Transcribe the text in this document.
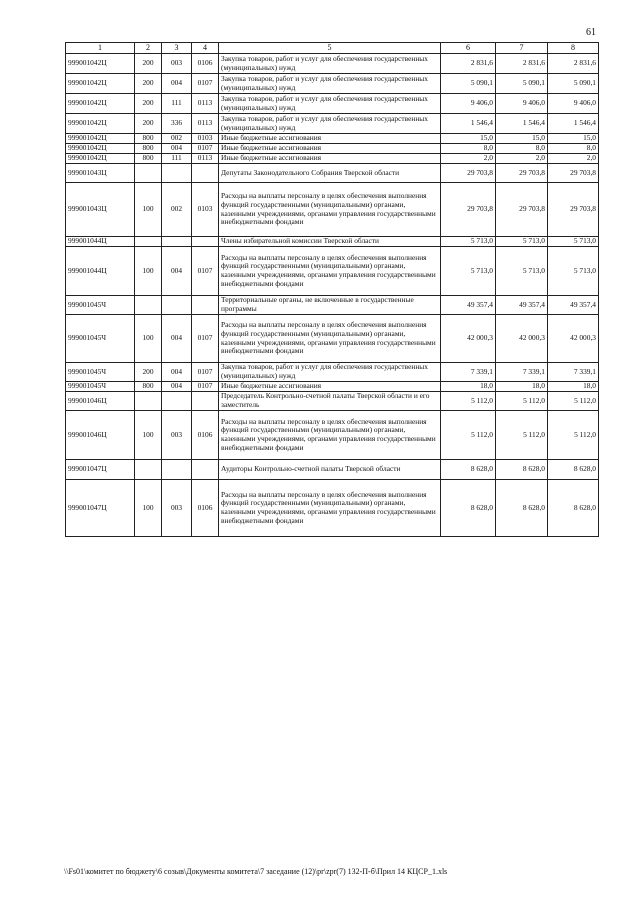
61
1	2	3	4	5	6	7	8
999001042Ц	200	003	0106	Закупка товаров, работ и услуг для обеспечения государственных (муниципальных) нужд	2 831,6	2 831,6	2 831,6
999001042Ц	200	004	0107	Закупка товаров, работ и услуг для обеспечения государственных (муниципальных) нужд	5 090,1	5 090,1	5 090,1
999001042Ц	200	111	0113	Закупка товаров, работ и услуг для обеспечения государственных (муниципальных) нужд	9 406,0	9 406,0	9 406,0
999001042Ц	200	336	0113	Закупка товаров, работ и услуг для обеспечения государственных (муниципальных) нужд	1 546,4	1 546,4	1 546,4
999001042Ц	800	002	0103	Иные бюджетные ассигнования	15,0	15,0	15,0
999001042Ц	800	004	0107	Иные бюджетные ассигнования	8,0	8,0	8,0
999001042Ц	800	111	0113	Иные бюджетные ассигнования	2,0	2,0	2,0
999001043Ц				Депутаты Законодательного Собрания Тверской области	29 703,8	29 703,8	29 703,8
999001043Ц	100	002	0103	Расходы на выплаты персоналу в целях обеспечения выполнения функций государственными (муниципальными) органами, казенными учреждениями, органами управления государственными внебюджетными фондами	29 703,8	29 703,8	29 703,8
999001044Ц				Члены избирательной комиссии Тверской области	5 713,0	5 713,0	5 713,0
999001044Ц	100	004	0107	Расходы на выплаты персоналу в целях обеспечения выполнения функций государственными (муниципальными) органами, казенными учреждениями, органами управления государственными внебюджетными фондами	5 713,0	5 713,0	5 713,0
999001045Ч				Территориальные органы, не включенные в государственные программы	49 357,4	49 357,4	49 357,4
999001045Ч	100	004	0107	Расходы на выплаты персоналу в целях обеспечения выполнения функций государственными (муниципальными) органами, казенными учреждениями, органами управления государственными внебюджетными фондами	42 000,3	42 000,3	42 000,3
999001045Ч	200	004	0107	Закупка товаров, работ и услуг для обеспечения государственных (муниципальных) нужд	7 339,1	7 339,1	7 339,1
999001045Ч	800	004	0107	Иные бюджетные ассигнования	18,0	18,0	18,0
999001046Ц				Председатель Контрольно-счетной палаты Тверской области и его заместитель	5 112,0	5 112,0	5 112,0
999001046Ц	100	003	0106	Расходы на выплаты персоналу в целях обеспечения выполнения функций государственными (муниципальными) органами, казенными учреждениями, органами управления государственными внебюджетными фондами	5 112,0	5 112,0	5 112,0
999001047Ц				Аудиторы Контрольно-счетной палаты Тверской области	8 628,0	8 628,0	8 628,0
999001047Ц	100	003	0106	Расходы на выплаты персоналу в целях обеспечения выполнения функций государственными (муниципальными) органами, казенными учреждениями, органами управления государственными внебюджетными фондами	8 628,0	8 628,0	8 628,0
\\Fs01\комитет по бюджету\6 созыв\Документы комитета\7 заседание (12)\pr\zpr(7) 132-П-б\Прил 14 КЦСР_1.xls
